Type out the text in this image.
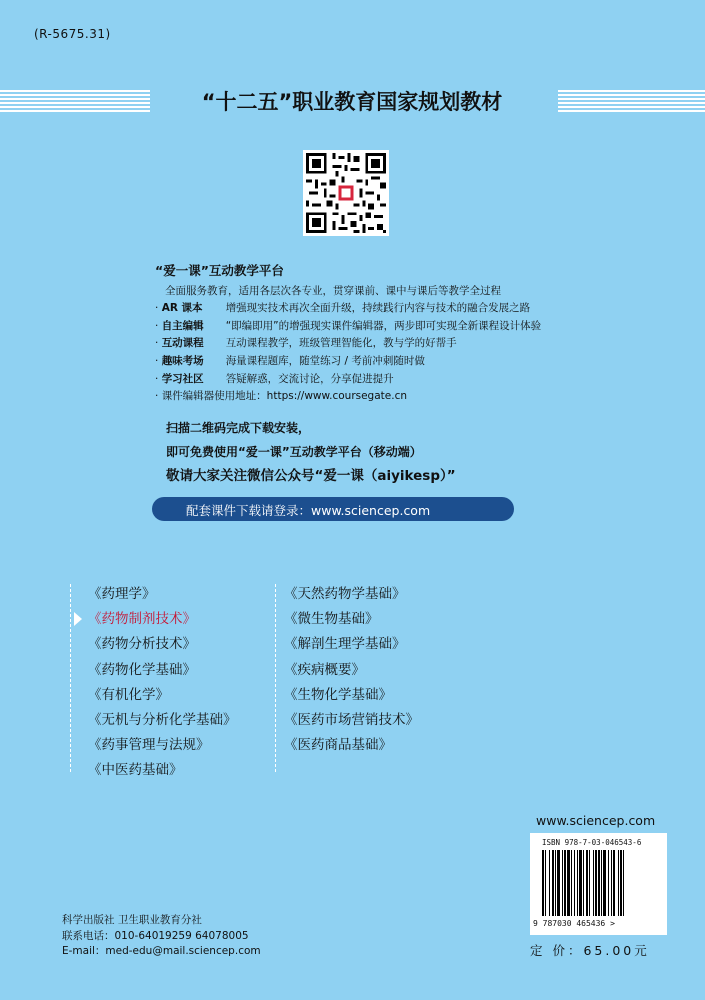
(R-5675.31)
“十二五”职业教育国家规划教材
“爱一课”互动教学平台
全面服务教育，适用各层次各专业，贯穿课前、课中与课后等教学全过程
· AR 课本 增强现实技术再次全面升级，持续践行内容与技术的融合发展之路
· 自主编辑 “即编即用”的增强现实课件编辑器，两步即可实现全新课程设计体验
· 互动课程 互动课程教学，班级管理智能化，教与学的好帮手
· 趣味考场 海量课程题库，随堂练习 / 考前冲刺随时做
· 学习社区 答疑解惑，交流讨论，分享促进提升
· 课件编辑器使用地址：https://www.coursegate.cn
扫描二维码完成下载安装，
即可免费使用“爱一课”互动教学平台（移动端）
敬请大家关注微信公众号“爱一课（aiyikesp）”
配套课件下载请登录：www.sciencep.com
《药理学》
《药物制剂技术》
《药物分析技术》
《药物化学基础》
《有机化学》
《无机与分析化学基础》
《药事管理与法规》
《中医药基础》
《天然药物学基础》
《微生物基础》
《解剖生理学基础》
《疾病概要》
《生物化学基础》
《医药市场营销技术》
《医药商品基础》
www.sciencep.com
ISBN 978-7-03-046543-6
9 787030 465436 >
定 价：65.00元
科学出版社 卫生职业教育分社
联系电话：010-64019259 64078005
E-mail：med-edu@mail.sciencep.com
